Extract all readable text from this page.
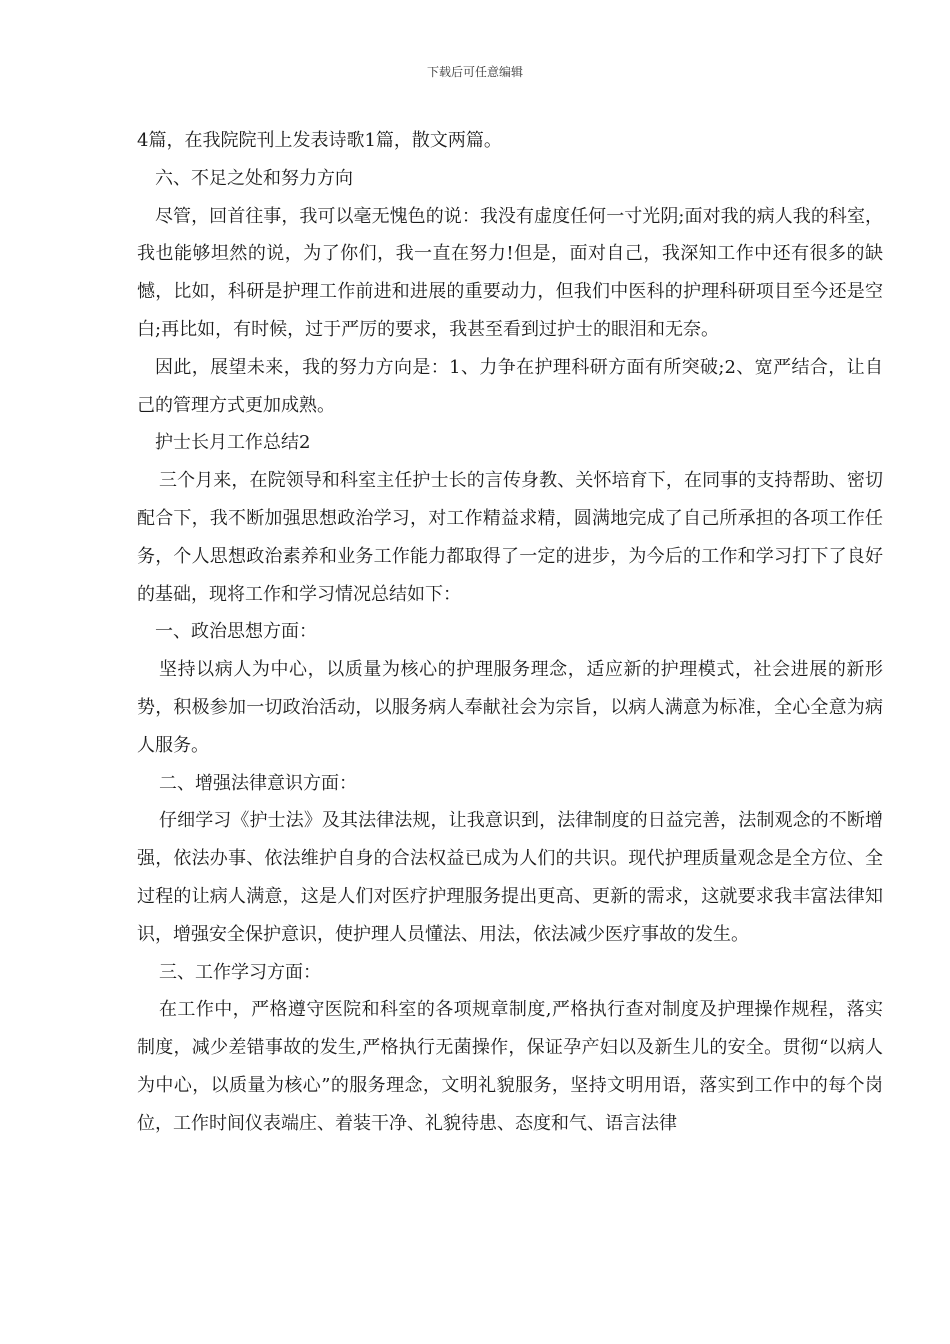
下载后可任意编辑

4篇，在我院院刊上发表诗歌1篇，散文两篇。

六、不足之处和努力方向

尽管，回首往事，我可以毫无愧色的说：我没有虚度任何一寸光阴;面对我的病人我的科室，我也能够坦然的说，为了你们，我一直在努力!但是，面对自己，我深知工作中还有很多的缺憾，比如，科研是护理工作前进和进展的重要动力，但我们中医科的护理科研项目至今还是空白;再比如，有时候，过于严厉的要求，我甚至看到过护士的眼泪和无奈。

因此，展望未来，我的努力方向是：1、力争在护理科研方面有所突破;2、宽严结合，让自己的管理方式更加成熟。

护士长月工作总结2

三个月来，在院领导和科室主任护士长的言传身教、关怀培育下，在同事的支持帮助、密切配合下，我不断加强思想政治学习，对工作精益求精，圆满地完成了自己所承担的各项工作任务，个人思想政治素养和业务工作能力都取得了一定的进步，为今后的工作和学习打下了良好的基础，现将工作和学习情况总结如下：

一、政治思想方面：

坚持以病人为中心，以质量为核心的护理服务理念，适应新的护理模式，社会进展的新形势，积极参加一切政治活动，以服务病人奉献社会为宗旨，以病人满意为标准，全心全意为病人服务。

二、增强法律意识方面：

仔细学习《护士法》及其法律法规，让我意识到，法律制度的日益完善，法制观念的不断增强，依法办事、依法维护自身的合法权益已成为人们的共识。现代护理质量观念是全方位、全过程的让病人满意，这是人们对医疗护理服务提出更高、更新的需求，这就要求我丰富法律知识，增强安全保护意识，使护理人员懂法、用法，依法减少医疗事故的发生。

三、工作学习方面：

在工作中，严格遵守医院和科室的各项规章制度,严格执行查对制度及护理操作规程，落实制度，减少差错事故的发生,严格执行无菌操作，保证孕产妇以及新生儿的安全。贯彻“以病人为中心，以质量为核心”的服务理念，文明礼貌服务，坚持文明用语，落实到工作中的每个岗位，工作时间仪表端庄、着装干净、礼貌待患、态度和气、语言法律
